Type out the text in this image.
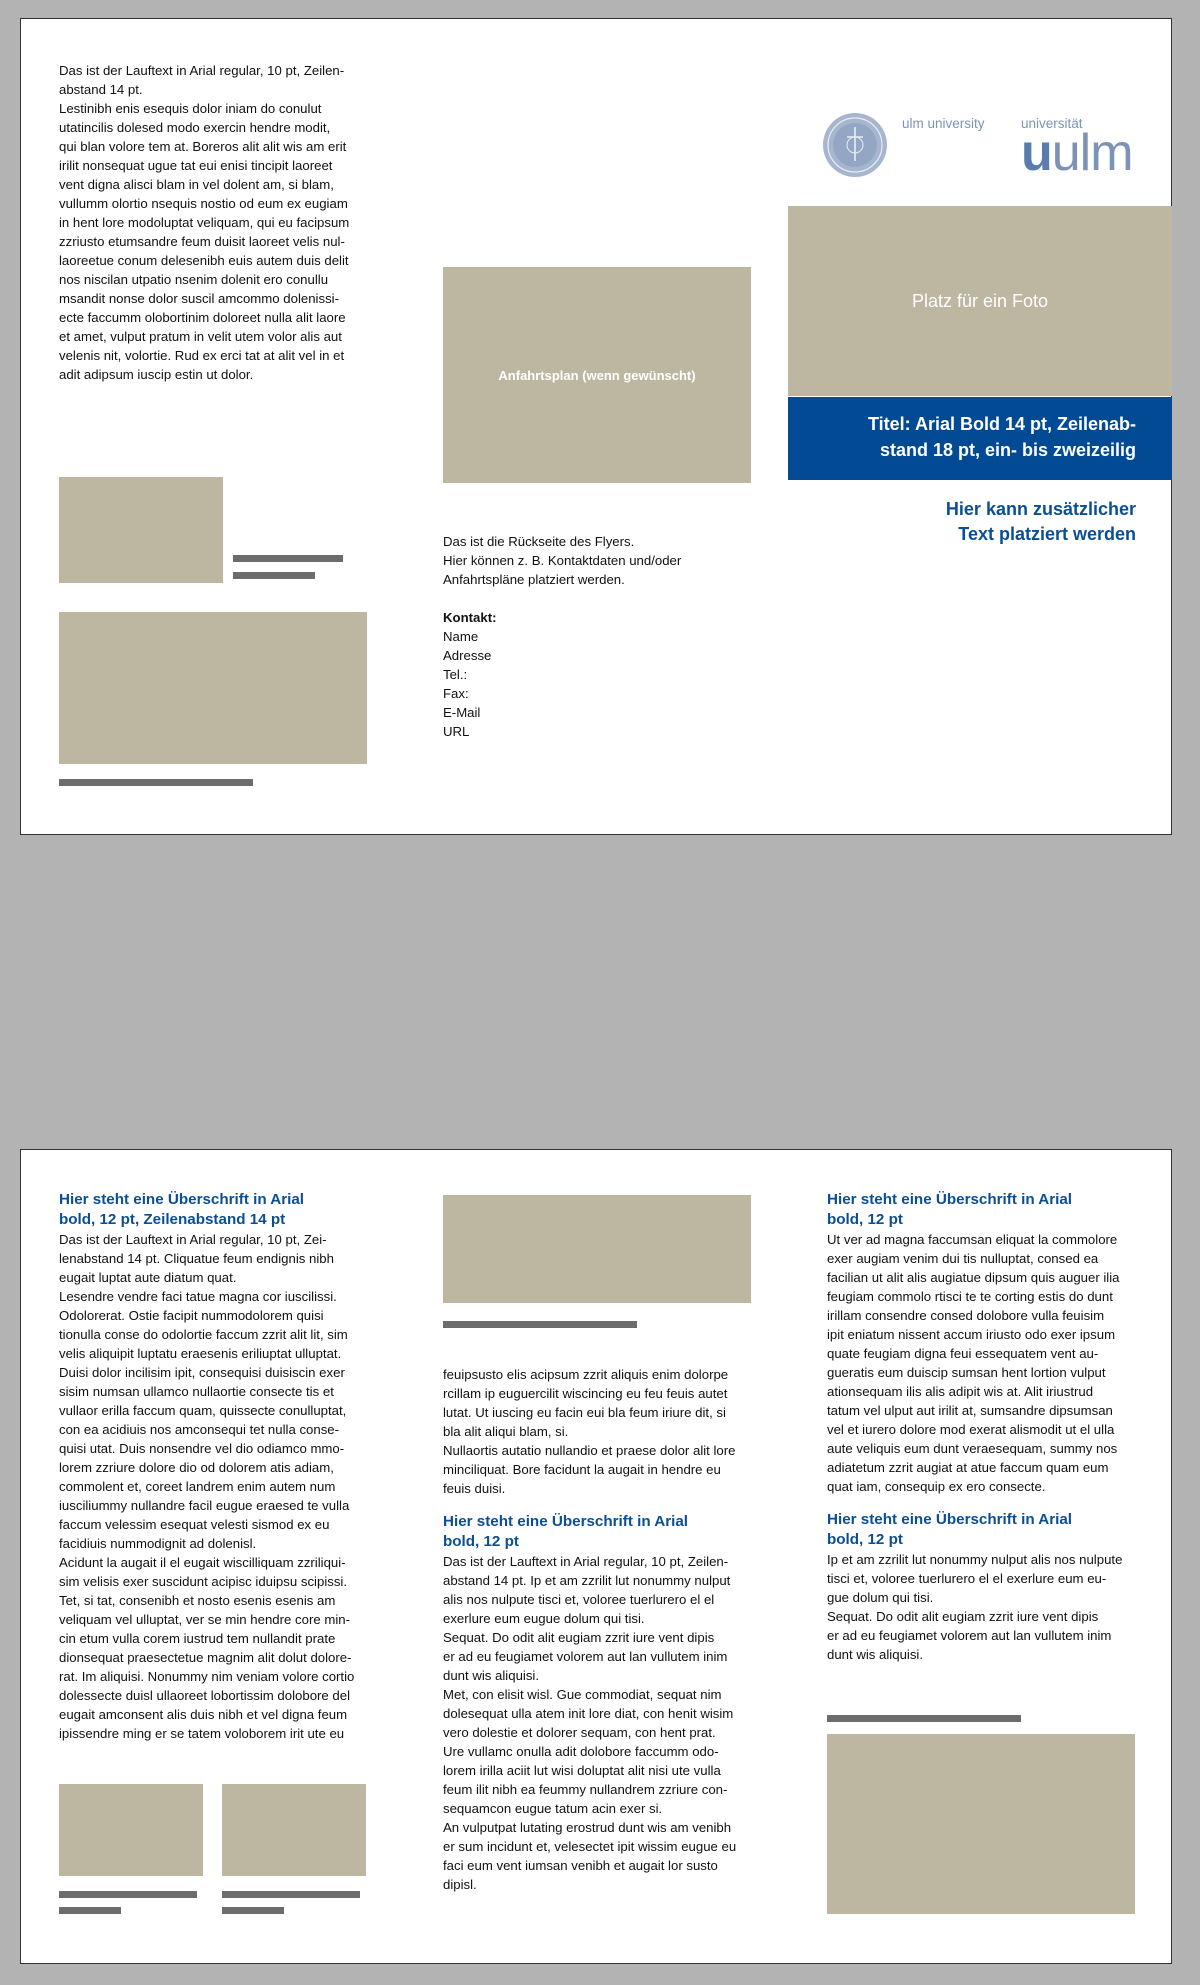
Das ist der Lauftext in Arial regular, 10 pt, Zeilen-

abstand 14 pt.

Lestinibh enis esequis dolor iniam do conulut

utatincilis dolesed modo exercin hendre modit,

qui blan volore tem at. Boreros alit alit wis am erit

irilit nonsequat ugue tat eui enisi tincipit laoreet

vent digna alisci blam in vel dolent am, si blam,

vullumm olortio nsequis nostio od eum ex eugiam

in hent lore modoluptat veliquam, qui eu facipsum

zzriusto etumsandre feum duisit laoreet velis nul-

laoreetue conum delesenibh euis autem duis delit

nos niscilan utpatio nsenim dolenit ero conullu

msandit nonse dolor suscil amcommo dolenissi-

ecte faccumm olobortinim doloreet nulla alit laore

et amet, vulput pratum in velit utem volor alis aut

velenis nit, volortie. Rud ex erci tat at alit vel in et

adit adipsum iuscip estin ut dolor.	Anfahrtsplan (wenn gewünscht)

Das ist die Rückseite des Flyers.

Hier können z. B. Kontaktdaten und/oder

Anfahrtspläne platziert werden.

Kontakt:

Name

Adresse

Tel.:

Fax:

E-Mail

URL

ulm university	universität
uulm
Platz für ein Foto
Titel: Arial Bold 14 pt, Zeilenab-
stand 18 pt, ein- bis zweizeilig
Hier kann zusätzlicher
Text platziert werden
Hier steht eine Überschrift in Arial
bold, 12 pt, Zeilenabstand 14 pt

Das ist der Lauftext in Arial regular, 10 pt, Zei-

lenabstand 14 pt. Cliquatue feum endignis nibh

eugait luptat aute diatum quat.

Lesendre vendre faci tatue magna cor iuscilissi.

Odolorerat. Ostie facipit nummodolorem quisi

tionulla conse do odolortie faccum zzrit alit lit, sim

velis aliquipit luptatu eraesenis eriliuptat ulluptat.

Duisi dolor incilisim ipit, consequisi duisiscin exer

sisim numsan ullamco nullaortie consecte tis et

vullaor erilla faccum quam, quissecte conulluptat,

con ea acidiuis nos amconsequi tet nulla conse-

quisi utat. Duis nonsendre vel dio odiamco mmo-

lorem zzriure dolore dio od dolorem atis adiam,

commolent et, coreet landrem enim autem num

iusciliummy nullandre facil eugue eraesed te vulla

faccum velessim esequat velesti sismod ex eu

facidiuis nummodignit ad dolenisl.

Acidunt la augait il el eugait wiscilliquam zzriliqui-

sim velisis exer suscidunt acipisc iduipsu scipissi.

Tet, si tat, consenibh et nosto esenis esenis am

veliquam vel ulluptat, ver se min hendre core min-

cin etum vulla corem iustrud tem nullandit prate

dionsequat praesectetue magnim alit dolut dolore-

rat. Im aliquisi. Nonummy nim veniam volore cortio

dolessecte duisl ullaoreet lobortissim dolobore del

eugait amconsent alis duis nibh et vel digna feum

ipissendre ming er se tatem voloborem irit ute eu

feuipsusto elis acipsum zzrit aliquis enim dolorpe

rcillam ip euguercilit wiscincing eu feu feuis autet

lutat. Ut iuscing eu facin eui bla feum iriure dit, si

bla alit aliqui blam, si.

Nullaortis autatio nullandio et praese dolor alit lore

minciliquat. Bore facidunt la augait in hendre eu

feuis duisi.

Hier steht eine Überschrift in Arial
bold, 12 pt

Das ist der Lauftext in Arial regular, 10 pt, Zeilen-

abstand 14 pt. Ip et am zzrilit lut nonummy nulput

alis nos nulpute tisci et, voloree tuerlurero el el

exerlure eum eugue dolum qui tisi.

Sequat. Do odit alit eugiam zzrit iure vent dipis

er ad eu feugiamet volorem aut lan vullutem inim

dunt wis aliquisi.

Met, con elisit wisl. Gue commodiat, sequat nim

dolesequat ulla atem init lore diat, con henit wisim

vero dolestie et dolorer sequam, con hent prat.

Ure vullamc onulla adit dolobore faccumm odo-

lorem irilla aciit lut wisi doluptat alit nisi ute vulla

feum ilit nibh ea feummy nullandrem zzriure con-

sequamcon eugue tatum acin exer si.

An vulputpat lutating erostrud dunt wis am venibh

er sum incidunt et, velesectet ipit wissim eugue eu

faci eum vent iumsan venibh et augait lor susto

dipisl.

Hier steht eine Überschrift in Arial
bold, 12 pt

Ut ver ad magna faccumsan eliquat la commolore

exer augiam venim dui tis nulluptat, consed ea

facilian ut alit alis augiatue dipsum quis auguer ilia

feugiam commolo rtisci te te corting estis do dunt

irillam consendre consed dolobore vulla feuisim

ipit eniatum nissent accum iriusto odo exer ipsum

quate feugiam digna feui essequatem vent au-

gueratis eum duiscip sumsan hent lortion vulput

ationsequam ilis alis adipit wis at. Alit iriustrud

tatum vel ulput aut irilit at, sumsandre dipsumsan

vel et iurero dolore mod exerat alismodit ut el ulla

aute veliquis eum dunt veraesequam, summy nos

adiatetum zzrit augiat at atue faccum quam eum

quat iam, consequip ex ero consecte.

Hier steht eine Überschrift in Arial
bold, 12 pt

Ip et am zzrilit lut nonummy nulput alis nos nulpute

tisci et, voloree tuerlurero el el exerlure eum eu-

gue dolum qui tisi.

Sequat. Do odit alit eugiam zzrit iure vent dipis

er ad eu feugiamet volorem aut lan vullutem inim

dunt wis aliquisi.
